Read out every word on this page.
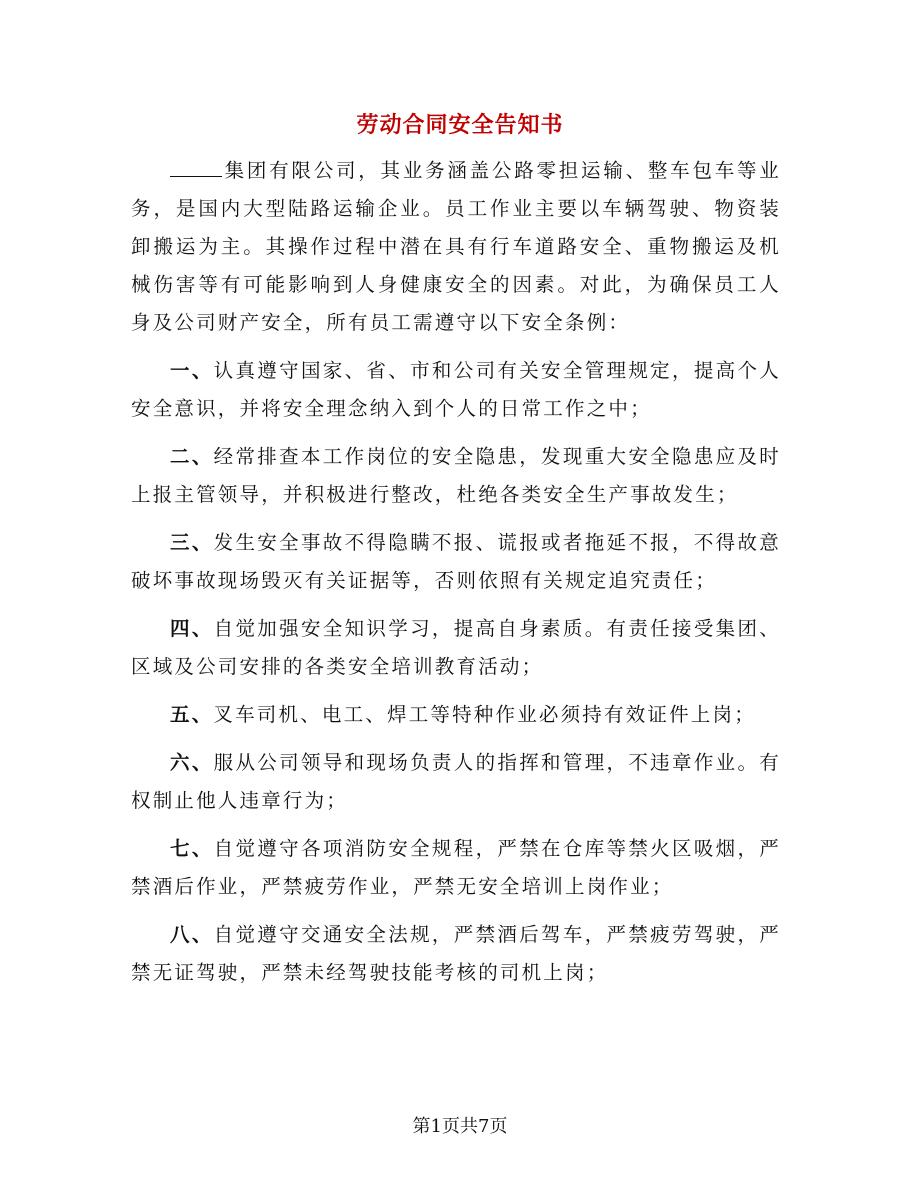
劳动合同安全告知书

集团有限公司，其业务涵盖公路零担运输、整车包车等业务，是国内大型陆路运输企业。员工作业主要以车辆驾驶、物资装卸搬运为主。其操作过程中潜在具有行车道路安全、重物搬运及机械伤害等有可能影响到人身健康安全的因素。对此，为确保员工人身及公司财产安全，所有员工需遵守以下安全条例：

一、认真遵守国家、省、市和公司有关安全管理规定，提高个人安全意识，并将安全理念纳入到个人的日常工作之中；

二、经常排查本工作岗位的安全隐患，发现重大安全隐患应及时上报主管领导，并积极进行整改，杜绝各类安全生产事故发生；

三、发生安全事故不得隐瞒不报、谎报或者拖延不报，不得故意破坏事故现场毁灭有关证据等，否则依照有关规定追究责任；

四、自觉加强安全知识学习，提高自身素质。有责任接受集团、区域及公司安排的各类安全培训教育活动；

五、叉车司机、电工、焊工等特种作业必须持有效证件上岗；

六、服从公司领导和现场负责人的指挥和管理，不违章作业。有权制止他人违章行为；

七、自觉遵守各项消防安全规程，严禁在仓库等禁火区吸烟，严禁酒后作业，严禁疲劳作业，严禁无安全培训上岗作业；

八、自觉遵守交通安全法规，严禁酒后驾车，严禁疲劳驾驶，严禁无证驾驶，严禁未经驾驶技能考核的司机上岗；

第1页共7页
